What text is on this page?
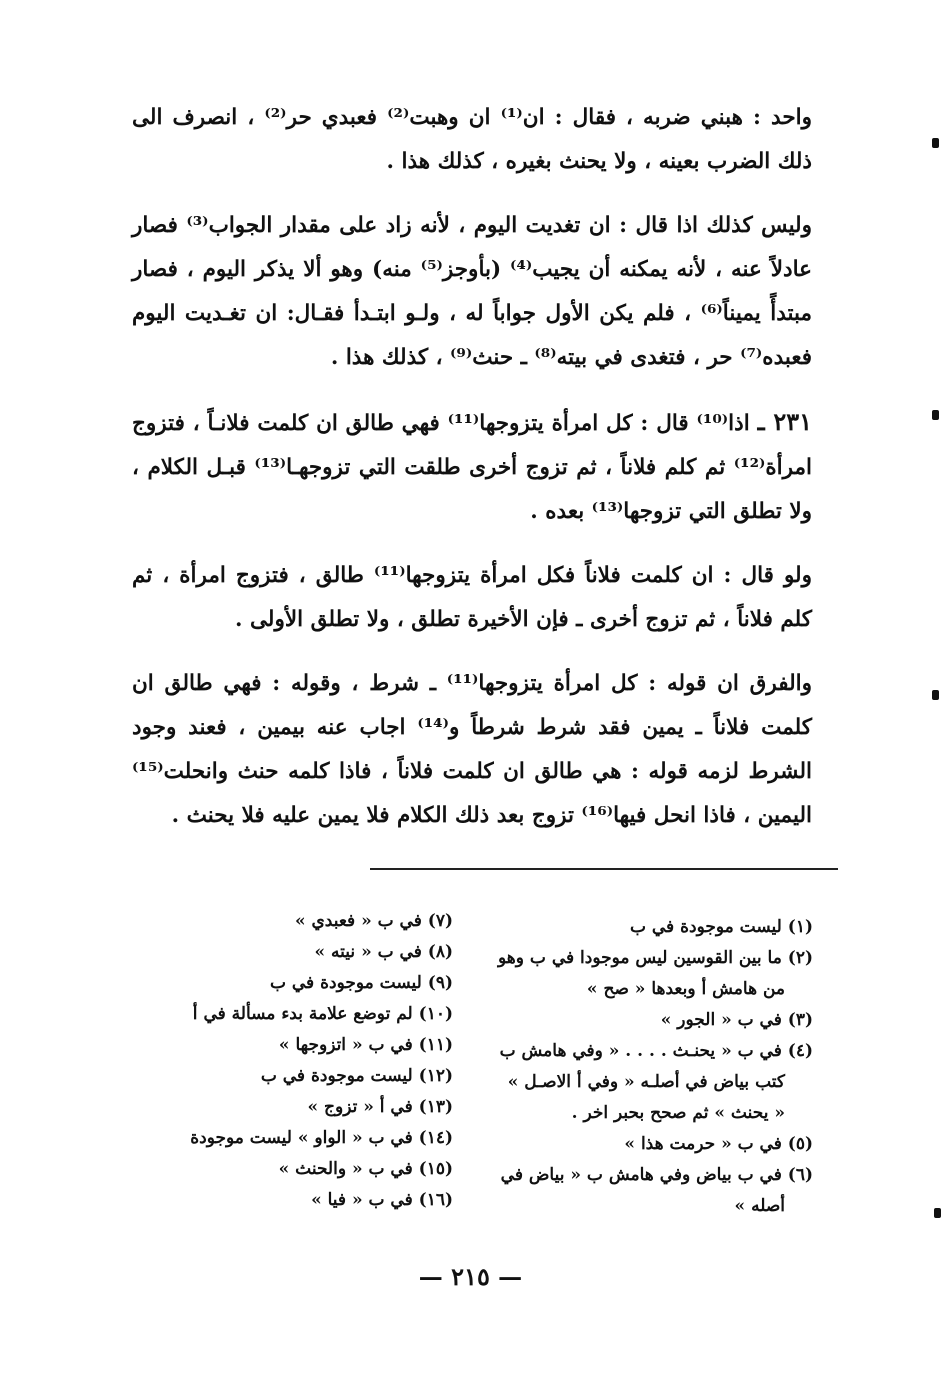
واحد : هبني ضربه ، فقال : ان⁽¹⁾ ان وهبت⁽²⁾ فعبدي حر⁽²⁾ ، انصرف الى ذلك الضرب بعينه ، ولا يحنث بغيره ، كذلك هذا .

وليس كذلك اذا قال : ان تغديت اليوم ، لأنه زاد على مقدار الجواب⁽³⁾ فصار عادلاً عنه ، لأنه يمكنه أن يجيب⁽⁴⁾ (بأوجز⁽⁵⁾ منه) وهو ألا يذكر اليوم ، فصار مبتدأً يميناً⁽⁶⁾ ، فلم يكن الأول جواباً له ، ولـو ابتـدأ فقـال: ان تغـديت اليوم فعبده⁽⁷⁾ حر ، فتغدى في بيته⁽⁸⁾ ـ حنث⁽⁹⁾ ، كذلك هذا .

٢٣١ ـ اذا⁽¹⁰⁾ قال : كل امرأة يتزوجها⁽¹¹⁾ فهي طالق ان كلمت فلانـاً ، فتزوج امرأة⁽¹²⁾ ثم كلم فلاناً ، ثم تزوج أخرى طلقت التي تزوجهـا⁽¹³⁾ قبـل الكلام ، ولا تطلق التي تزوجها⁽¹³⁾ بعده .

ولو قال : ان كلمت فلاناً فكل امرأة يتزوجها⁽¹¹⁾ طالق ، فتزوج امرأة ، ثم كلم فلاناً ، ثم تزوج أخرى ـ فإن الأخيرة تطلق ، ولا تطلق الأولى .

والفرق ان قوله : كل امرأة يتزوجها⁽¹¹⁾ ـ شرط ، وقوله : فهي طالق ان كلمت فلاناً ـ يمين فقد شرط شرطاً و⁽¹⁴⁾ اجاب عنه بيمين ، فعند وجود الشرط لزمه قوله : هي طالق ان كلمت فلاناً ، فاذا كلمه حنث وانحلت⁽¹⁵⁾ اليمين ، فاذا انحل فيها⁽¹⁶⁾ تزوج بعد ذلك الكلام فلا يمين عليه فلا يحنث .

(١) ليست موجودة في ب
(٢) ما بين القوسين ليس موجودا في ب وهو
من هامش أ وبعدها « صح »
(٣) في ب « الجور »
(٤) في ب « يحنـث . . . . « وفي هامش ب
كتب بياض في أصلـه « وفي أ الاصـل »
« يحنث » ثم صحح بحبر اخر .
(٥) في ب « حرمت هذا »
(٦) في ب بياض وفي هامش ب « بياض في
أصله »
(٧) في ب « فعبدي »
(٨) في ب « نيته »
(٩) ليست موجودة في ب
(١٠) لم توضع علامة بدء مسألة في أ
(١١) في ب « اتزوجها »
(١٢) ليست موجودة في ب
(١٣) في أ « تزوج »
(١٤) في ب « الواو » ليست موجودة
(١٥) في ب « والحنث »
(١٦) في ب « فيا »
— ٢١٥ —
